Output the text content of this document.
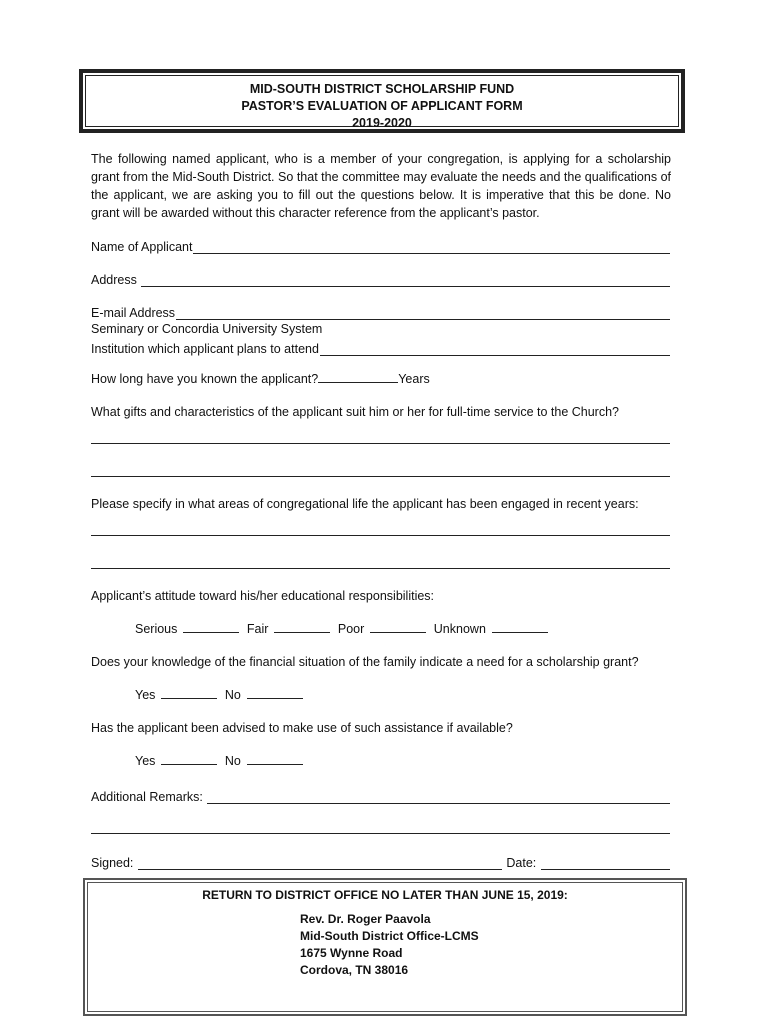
MID-SOUTH DISTRICT SCHOLARSHIP FUND
PASTOR’S EVALUATION OF APPLICANT FORM
2019-2020
The following named applicant, who is a member of your congregation, is applying for a scholarship grant from the Mid-South District. So that the committee may evaluate the needs and the qualifications of the applicant, we are asking you to fill out the questions below. It is imperative that this be done. No grant will be awarded without this character reference from the applicant’s pastor.
Name of Applicant
Address
E-mail Address
Seminary or Concordia University System
Institution which applicant plans to attend
How long have you known the applicant?	Years
What gifts and characteristics of the applicant suit him or her for full-time service to the Church?
Please specify in what areas of congregational life the applicant has been engaged in recent years:
Applicant’s attitude toward his/her educational responsibilities:
Serious	Fair	Poor	Unknown
Does your knowledge of the financial situation of the family indicate a need for a scholarship grant?
Yes	No
Has the applicant been advised to make use of such assistance if available?
Yes	No
Additional Remarks:
Signed:	Date:
RETURN TO DISTRICT OFFICE NO LATER THAN JUNE 15, 2019:
Rev. Dr. Roger Paavola
Mid-South District Office-LCMS
1675 Wynne Road
Cordova, TN 38016
